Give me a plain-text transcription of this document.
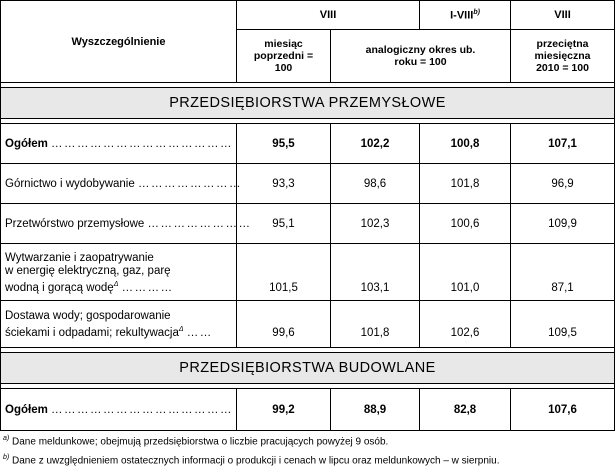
Wyszczególnienie	VIII		I-VIII$^{b)}$	VIII

	miesiąc poprzedni = 100	analogiczny okres ub. roku = 100		przeciętna miesięczna 2010 = 100

PRZEDSIĘBIORSTWA PRZEMYSŁOWE				

Ogółem ……………………………………	95,5	102,2	100,8	107,1
Górnictwo i wydobywanie ……………………	93,3	98,6	101,8	96,9
Przetwórstwo przemysłowe ……………………	95,1	102,3	100,6	109,9

Wytwarzanie i zaopatrywanie
w energię elektryczną, gaz, parę
wodną i gorącą wodę$^\Delta$ …………	101,5	103,1	101,0	87,1

Dostawa wody; gospodarowanie
ściekami i odpadami; rekultywacja$^\Delta$ ……	99,6	101,8	102,6	109,5

PRZEDSIĘBIORSTWA BUDOWLANE				

Ogółem ……………………………………	99,2	88,9	82,8	107,6
$^{a)}$ Dane meldunkowe; obejmują przedsiębiorstwa o liczbie pracujących powyżej 9 osób.
$^{b)}$ Dane z uwzględnieniem ostatecznych informacji o produkcji i cenach w lipcu oraz meldunkowych – w sierpniu.
